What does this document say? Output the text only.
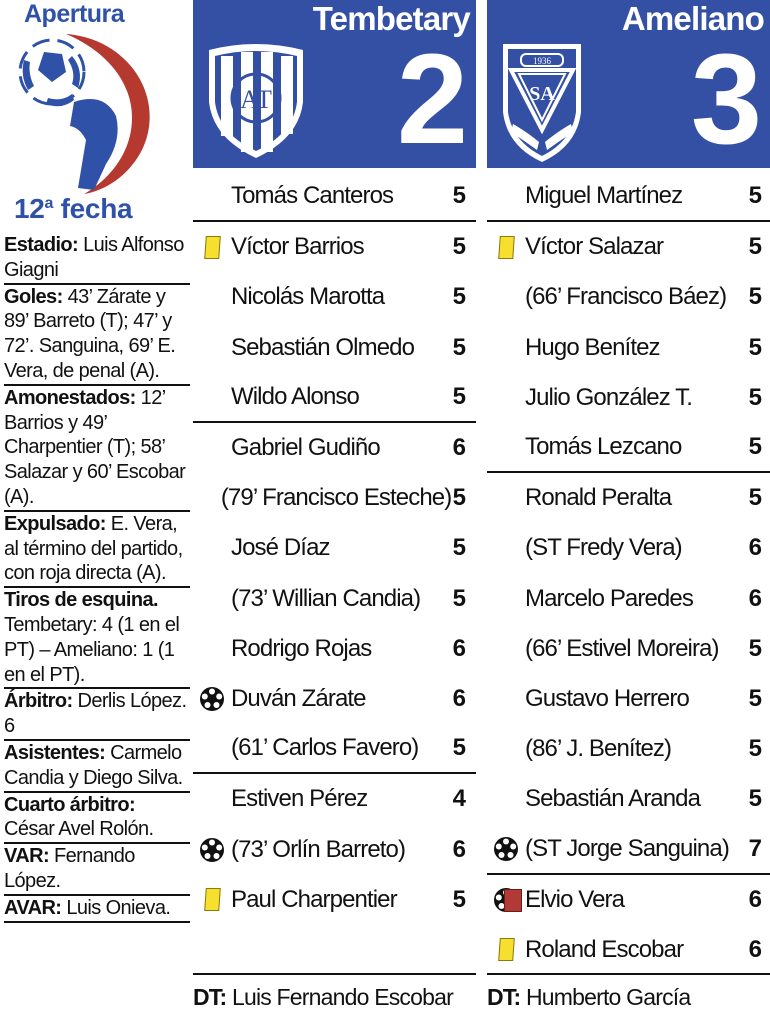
Apertura
12$^a$ fecha
Estadio: Luis Alfonso Giagni
Goles: 43’ Zárate y 89’ Barreto (T); 47’ y 72’. Sanguina, 69’ E. Vera, de penal (A).
Amonestados: 12’ Barrios y 49’ Charpentier (T); 58’ Salazar y 60’ Escobar (A).
Expulsado: E. Vera, al término del partido, con roja directa (A).
Tiros de esquina. Tembetary: 4 (1 en el PT) – Ameliano: 1 (1 en el PT).
Árbitro: Derlis López. 6
Asistentes: Carmelo Candia y Diego Silva.
Cuarto árbitro: César Avel Rolón.
VAR: Fernando López.
AVAR: Luis Onieva.
AT
Tembetary
2
Tomás Canteros	5
Víctor Barrios	5
Nicolás Marotta	5
Sebastián Olmedo	5
Wildo Alonso	5
Gabriel Gudiño	6
(79’ Francisco Esteche) 5
José Díaz	5
(73’ Willian Candia)	5
Rodrigo Rojas	6
Duván Zárate	6
(61’ Carlos Favero)	5
Estiven Pérez	4
(73’ Orlín Barreto)	6
Paul Charpentier	5
1936
SA
Ameliano
3
Miguel Martínez	5
Víctor Salazar	5
(66’ Francisco Báez) 5
Hugo Benítez	5
Julio González T.	5
Tomás Lezcano	5
Ronald Peralta	5
(ST Fredy Vera)	6
Marcelo Paredes	6
(66’ Estivel Moreira)	5
Gustavo Herrero	5
(86’ J. Benítez)	5
Sebastián Aranda	5
(ST Jorge Sanguina) 7
Elvio Vera	6
Roland Escobar	6
DT: Luis Fernando Escobar DT: Humberto García
